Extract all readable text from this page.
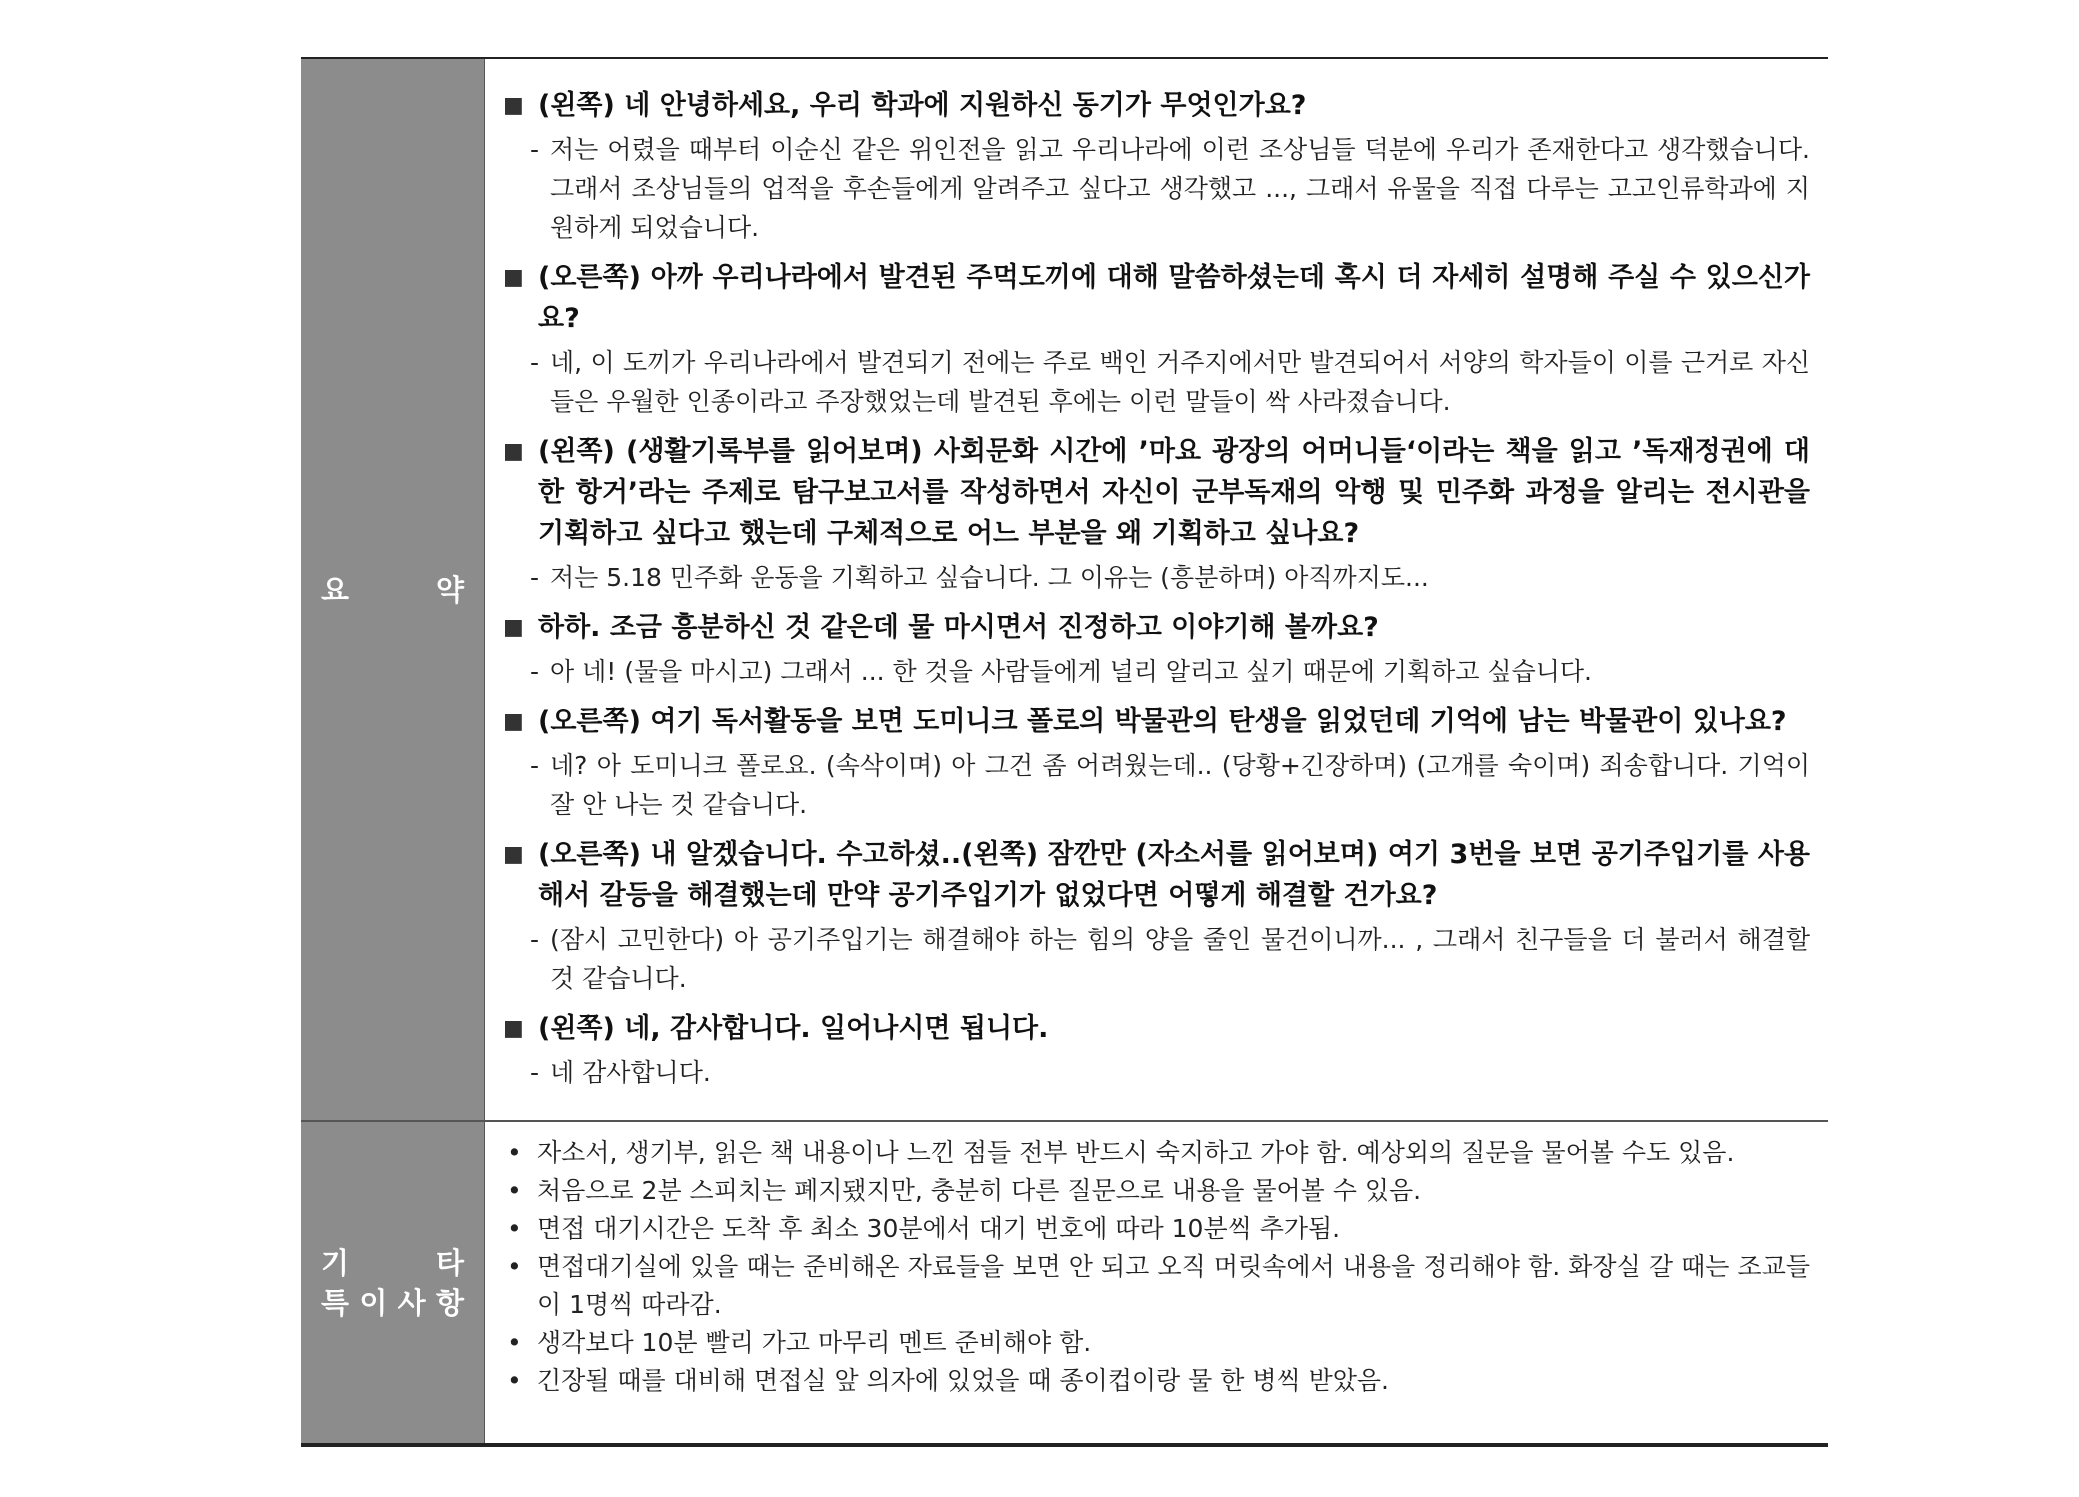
요	약
■ (왼쪽) 네 안녕하세요, 우리 학과에 지원하신 동기가 무엇인가요?
- 저는 어렸을 때부터 이순신 같은 위인전을 읽고 우리나라에 이런 조상님들 덕분에 우리가 존재한다고 생각했습니다. 그래서 조상님들의 업적을 후손들에게 알려주고 싶다고 생각했고 ..., 그래서 유물을 직접 다루는 고고인류학과에 지원하게 되었습니다.
■ (오른쪽) 아까 우리나라에서 발견된 주먹도끼에 대해 말씀하셨는데 혹시 더 자세히 설명해 주실 수 있으신가요?
- 네, 이 도끼가 우리나라에서 발견되기 전에는 주로 백인 거주지에서만 발견되어서 서양의 학자들이 이를 근거로 자신들은 우월한 인종이라고 주장했었는데 발견된 후에는 이런 말들이 싹 사라졌습니다.
■ (왼쪽) (생활기록부를 읽어보며) 사회문화 시간에 ’마요 광장의 어머니들‘이라는 책을 읽고 ’독재정권에 대한 항거’라는 주제로 탐구보고서를 작성하면서 자신이 군부독재의 악행 및 민주화 과정을 알리는 전시관을 기획하고 싶다고 했는데 구체적으로 어느 부분을 왜 기획하고 싶나요?
- 저는 5.18 민주화 운동을 기획하고 싶습니다. 그 이유는 (흥분하며) 아직까지도...
■ 하하. 조금 흥분하신 것 같은데 물 마시면서 진정하고 이야기해 볼까요?
- 아 네! (물을 마시고) 그래서 ... 한 것을 사람들에게 널리 알리고 싶기 때문에 기획하고 싶습니다.
■ (오른쪽) 여기 독서활동을 보면 도미니크 폴로의 박물관의 탄생을 읽었던데 기억에 남는 박물관이 있나요?
- 네? 아 도미니크 폴로요. (속삭이며) 아 그건 좀 어려웠는데.. (당황+긴장하며) (고개를 숙이며) 죄송합니다. 기억이 잘 안 나는 것 같습니다.
■ (오른쪽) 내 알겠습니다. 수고하셨..(왼쪽) 잠깐만 (자소서를 읽어보며) 여기 3번을 보면 공기주입기를 사용해서 갈등을 해결했는데 만약 공기주입기가 없었다면 어떻게 해결할 건가요?
- (잠시 고민한다) 아 공기주입기는 해결해야 하는 힘의 양을 줄인 물건이니까... , 그래서 친구들을 더 불러서 해결할 것 같습니다.
■ (왼쪽) 네, 감사합니다. 일어나시면 됩니다.
- 네 감사합니다.
기	타
특 이 사 항
• 자소서, 생기부, 읽은 책 내용이나 느낀 점들 전부 반드시 숙지하고 가야 함. 예상외의 질문을 물어볼 수도 있음.
• 처음으로 2분 스피치는 폐지됐지만, 충분히 다른 질문으로 내용을 물어볼 수 있음.
• 면접 대기시간은 도착 후 최소 30분에서 대기 번호에 따라 10분씩 추가됨.
• 면접대기실에 있을 때는 준비해온 자료들을 보면 안 되고 오직 머릿속에서 내용을 정리해야 함. 화장실 갈 때는 조교들이 1명씩 따라감.
• 생각보다 10분 빨리 가고 마무리 멘트 준비해야 함.
• 긴장될 때를 대비해 면접실 앞 의자에 있었을 때 종이컵이랑 물 한 병씩 받았음.
